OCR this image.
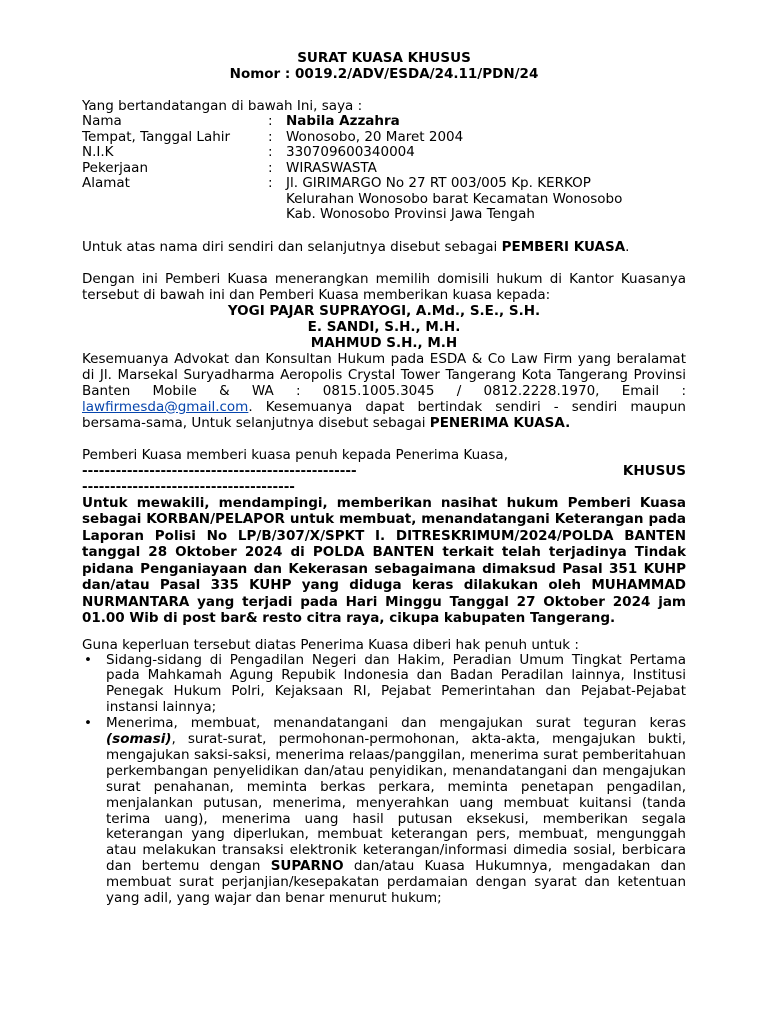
SURAT KUASA KHUSUS
Nomor : 0019.2/ADV/ESDA/24.11/PDN/24
Yang bertandatangan di bawah Ini, saya :
Nama	:	Nabila Azzahra
Tempat, Tanggal Lahir	:	Wonosobo, 20 Maret 2004
N.I.K	:	330709600340004
Pekerjaan	:	WIRASWASTA
Alamat	:	Jl. GIRIMARGO No 27 RT 003/005 Kp. KERKOP
Kelurahan Wonosobo barat Kecamatan Wonosobo
Kab. Wonosobo Provinsi Jawa Tengah
Untuk atas nama diri sendiri dan selanjutnya disebut sebagai PEMBERI KUASA.
Dengan ini Pemberi Kuasa menerangkan memilih domisili hukum di Kantor Kuasanya tersebut di bawah ini dan Pemberi Kuasa memberikan kuasa kepada:
YOGI PAJAR SUPRAYOGI, A.Md., S.E., S.H.
E. SANDI, S.H., M.H.
MAHMUD S.H., M.H
Kesemuanya Advokat dan Konsultan Hukum pada ESDA & Co Law Firm yang beralamat di Jl. Marsekal Suryadharma Aeropolis Crystal Tower Tangerang Kota Tangerang Provinsi Banten Mobile & WA : 0815.1005.3045 / 0812.2228.1970, Email : lawfirmesda@gmail.com. Kesemuanya dapat bertindak sendiri - sendiri maupun bersama-sama, Untuk selanjutnya disebut sebagai PENERIMA KUASA.
Pemberi Kuasa memberi kuasa penuh kepada Penerima Kuasa,
-------------------------------------------------	KHUSUS
--------------------------------------
Untuk mewakili, mendampingi, memberikan nasihat hukum Pemberi Kuasa sebagai KORBAN/PELAPOR untuk membuat, menandatangani Keterangan pada Laporan Polisi No LP/B/307/X/SPKT I. DITRESKRIMUM/2024/POLDA BANTEN tanggal 28 Oktober 2024 di POLDA BANTEN terkait telah terjadinya Tindak pidana Penganiayaan dan Kekerasan sebagaimana dimaksud Pasal 351 KUHP dan/atau Pasal 335 KUHP yang diduga keras dilakukan oleh MUHAMMAD NURMANTARA yang terjadi pada Hari Minggu Tanggal 27 Oktober 2024 jam 01.00 Wib di post bar& resto citra raya, cikupa kabupaten Tangerang.
Guna keperluan tersebut diatas Penerima Kuasa diberi hak penuh untuk :
• Sidang-sidang di Pengadilan Negeri dan Hakim, Peradian Umum Tingkat Pertama pada Mahkamah Agung Repubik Indonesia dan Badan Peradilan lainnya, Institusi Penegak Hukum Polri, Kejaksaan RI, Pejabat Pemerintahan dan Pejabat-Pejabat instansi lainnya;
• Menerima, membuat, menandatangani dan mengajukan surat teguran keras (somasi), surat-surat, permohonan-permohonan, akta-akta, mengajukan bukti, mengajukan saksi-saksi, menerima relaas/panggilan, menerima surat pemberitahuan perkembangan penyelidikan dan/atau penyidikan, menandatangani dan mengajukan surat penahanan, meminta berkas perkara, meminta penetapan pengadilan, menjalankan putusan, menerima, menyerahkan uang membuat kuitansi (tanda terima uang), menerima uang hasil putusan eksekusi, memberikan segala keterangan yang diperlukan, membuat keterangan pers, membuat, mengunggah atau melakukan transaksi elektronik keterangan/informasi dimedia sosial, berbicara dan bertemu dengan SUPARNO dan/atau Kuasa Hukumnya, mengadakan dan membuat surat perjanjian/kesepakatan perdamaian dengan syarat dan ketentuan yang adil, yang wajar dan benar menurut hukum;
